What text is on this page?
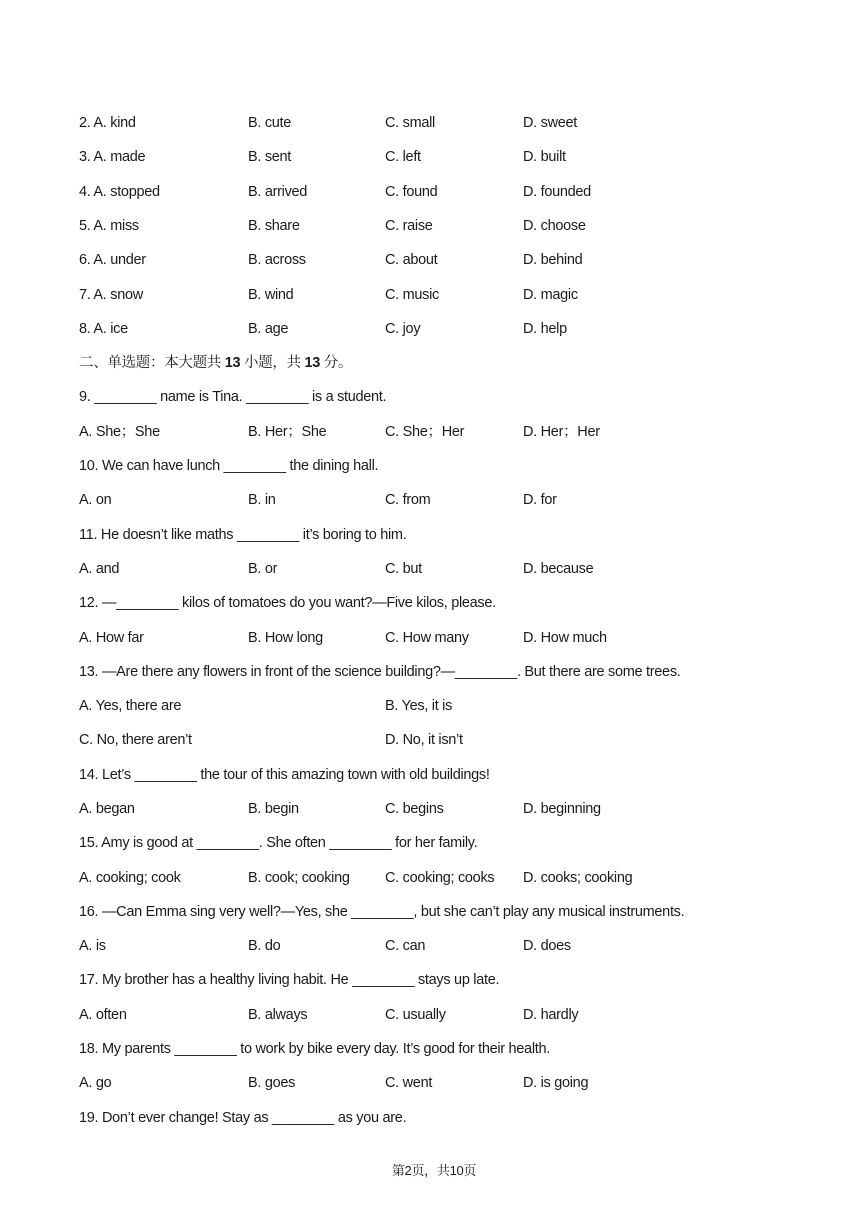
2. A. kind	B. cute	C. small	D. sweet
3. A. made	B. sent	C. left	D. built
4. A. stopped	B. arrived	C. found	D. founded
5. A. miss	B. share	C. raise	D. choose
6. A. under	B. across	C. about	D. behind
7. A. snow	B. wind	C. music	D. magic
8. A. ice	B. age	C. joy	D. help
二、单选题：本大题共 13 小题，共 13 分。
9. ________ name is Tina. ________ is a student.
A. She；She	B. Her；She	C. She；Her	D. Her；Her
10. We can have lunch ________ the dining hall.
A. on	B. in	C. from	D. for
11. He doesn’t like maths ________ it’s boring to him.
A. and	B. or	C. but	D. because
12. —________ kilos of tomatoes do you want?—Five kilos, please.
A. How far	B. How long	C. How many	D. How much
13. —Are there any flowers in front of the science building?—________. But there are some trees.
A. Yes, there are	B. Yes, it is
C. No, there aren’t	D. No, it isn’t
14. Let’s ________ the tour of this amazing town with old buildings!
A. began	B. begin	C. begins	D. beginning
15. Amy is good at ________. She often ________ for her family.
A. cooking; cook	B. cook; cooking C. cooking; cooks D. cooks; cooking
16. —Can Emma sing very well?—Yes, she ________, but she can’t play any musical instruments.
A. is	B. do	C. can	D. does
17. My brother has a healthy living habit. He ________ stays up late.
A. often	B. always	C. usually	D. hardly
18. My parents ________ to work by bike every day. It’s good for their health.
A. go	B. goes	C. went	D. is going
19. Don’t ever change! Stay as ________ as you are.
第2页，共10页
